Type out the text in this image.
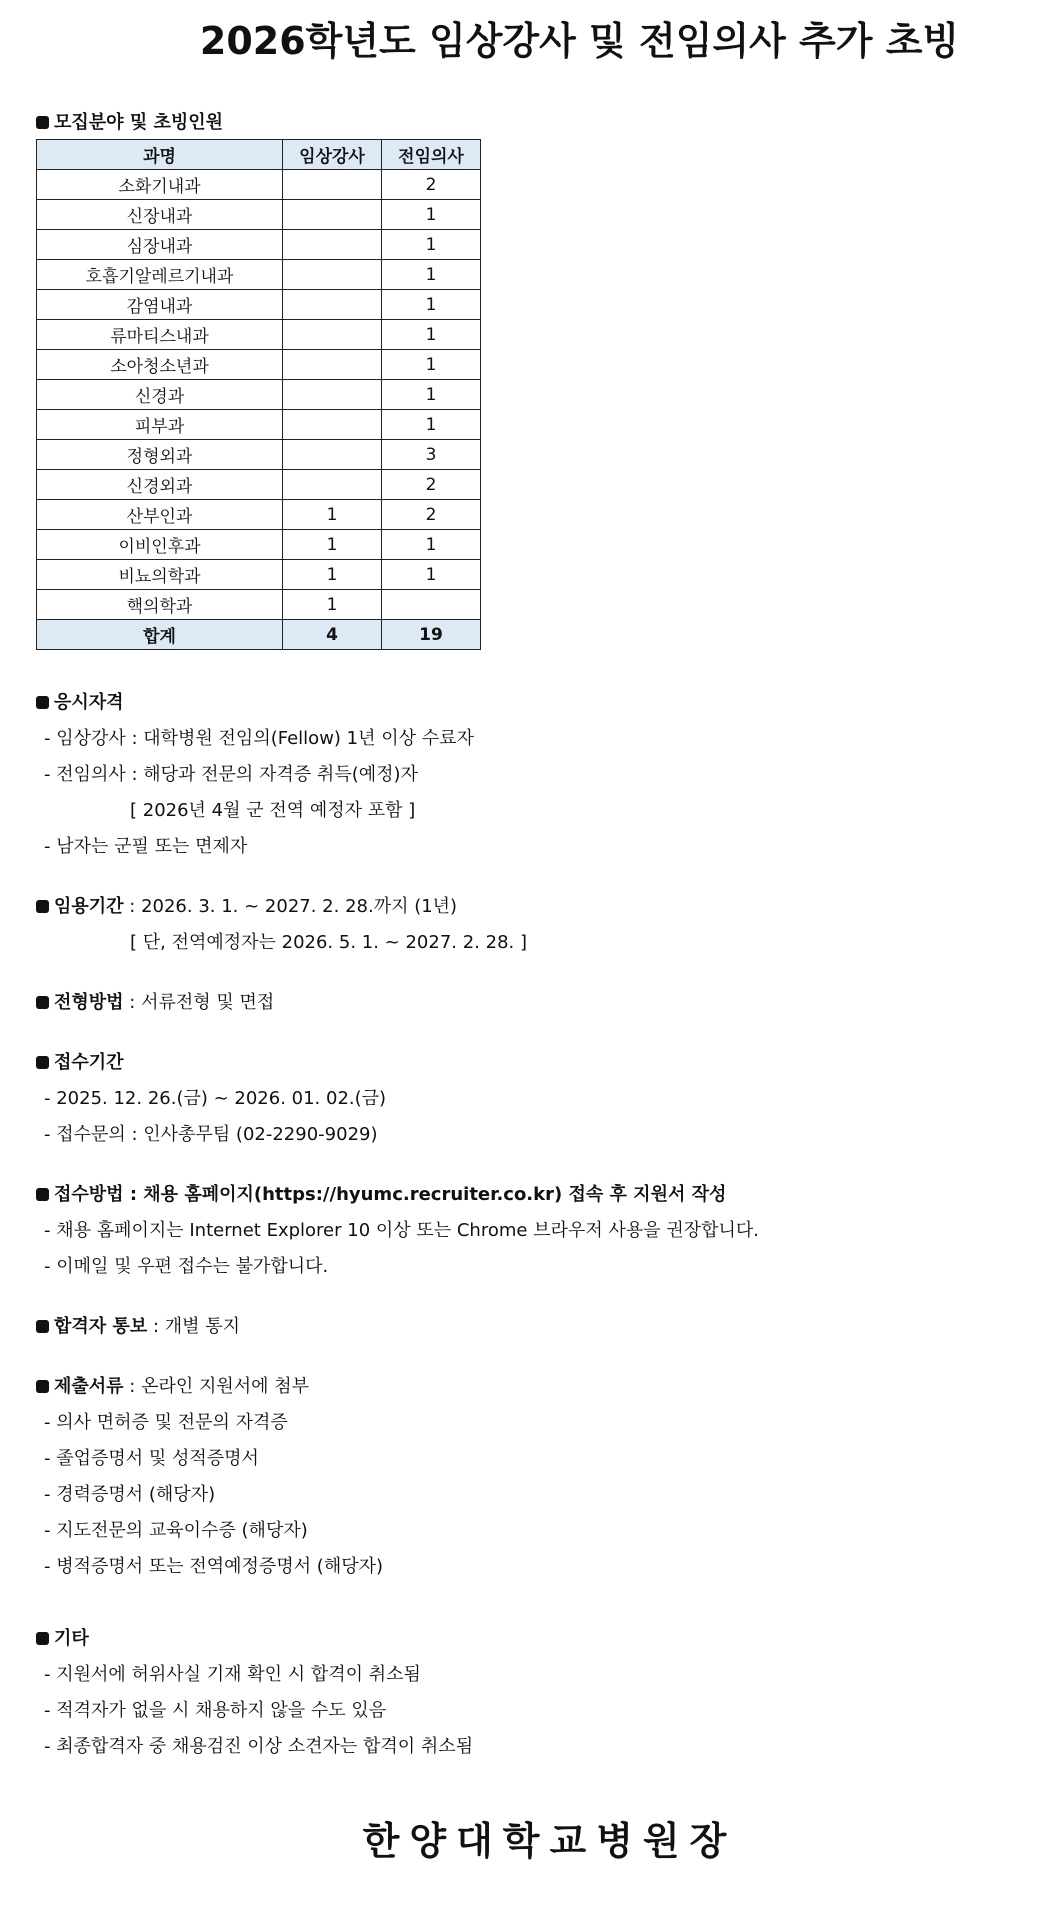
2026학년도 임상강사 및 전임의사 추가 초빙
모집분야 및 초빙인원
과명	임상강사	전임의사
소화기내과		2
신장내과		1
심장내과		1
호흡기알레르기내과		1
감염내과		1
류마티스내과		1
소아청소년과		1
신경과		1
피부과		1
정형외과		3
신경외과		2
산부인과	1	2
이비인후과	1	1
비뇨의학과	1	1
핵의학과	1	
합계	4	19
응시자격
- 임상강사 : 대학병원 전임의(Fellow) 1년 이상 수료자
- 전임의사 : 해당과 전문의 자격증 취득(예정)자
[ 2026년 4월 군 전역 예정자 포함 ]
- 남자는 군필 또는 면제자
임용기간 : 2026. 3. 1. ~ 2027. 2. 28.까지 (1년)
[ 단, 전역예정자는 2026. 5. 1. ~ 2027. 2. 28. ]
전형방법 : 서류전형 및 면접
접수기간
- 2025. 12. 26.(금) ~ 2026. 01. 02.(금)
- 접수문의 : 인사총무팀 (02-2290-9029)
접수방법 : 채용 홈페이지(https://hyumc.recruiter.co.kr) 접속 후 지원서 작성
- 채용 홈페이지는 Internet Explorer 10 이상 또는 Chrome 브라우저 사용을 권장합니다.
- 이메일 및 우편 접수는 불가합니다.
합격자 통보 : 개별 통지
제출서류 : 온라인 지원서에 첨부
- 의사 면허증 및 전문의 자격증
- 졸업증명서 및 성적증명서
- 경력증명서 (해당자)
- 지도전문의 교육이수증 (해당자)
- 병적증명서 또는 전역예정증명서 (해당자)
기타
- 지원서에 허위사실 기재 확인 시 합격이 취소됨
- 적격자가 없을 시 채용하지 않을 수도 있음
- 최종합격자 중 채용검진 이상 소견자는 합격이 취소됨
한양대학교병원장
